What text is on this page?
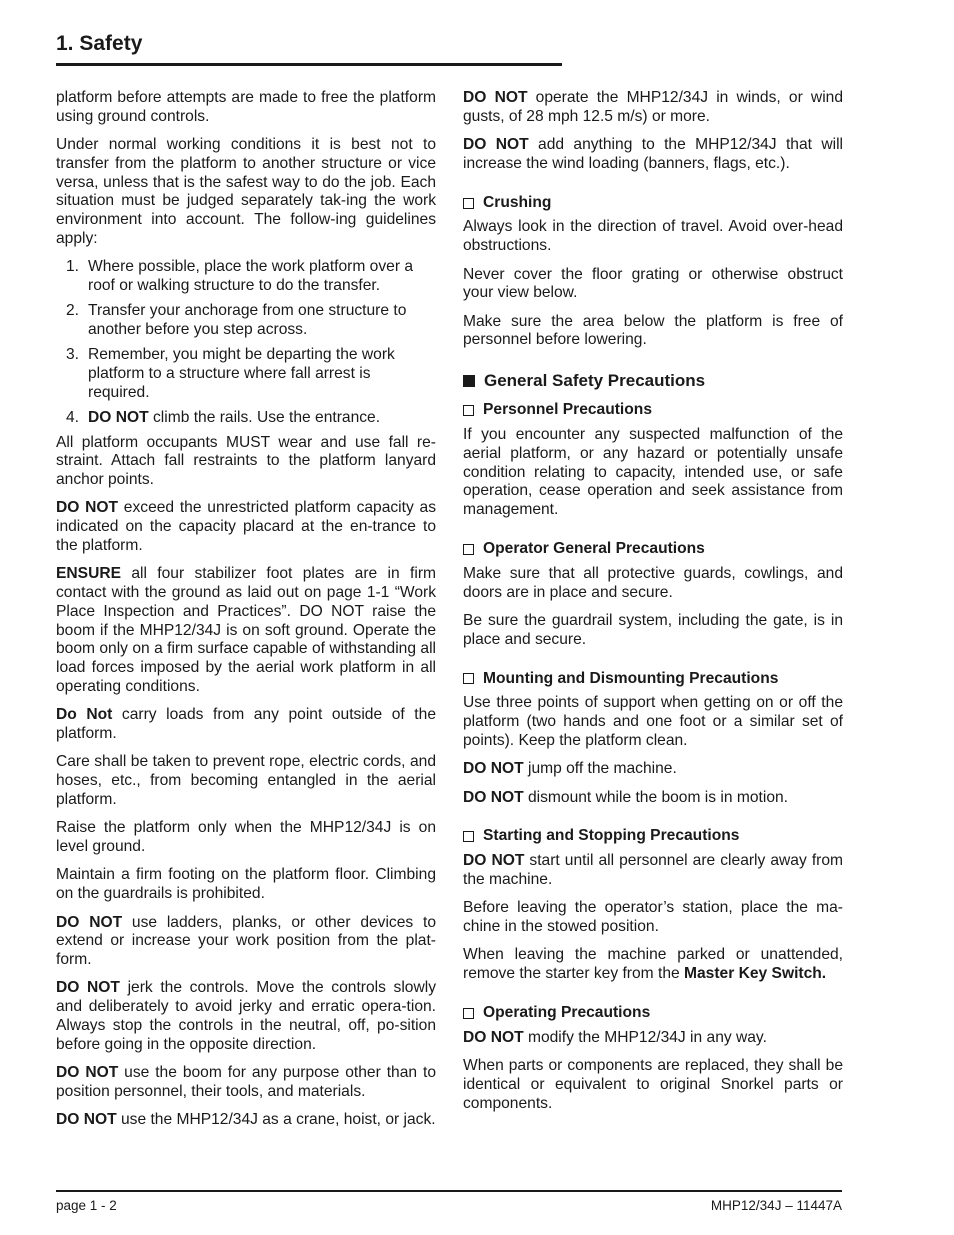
1. Safety

platform before attempts are made to free the platform using ground controls.

Under normal working conditions it is best not to transfer from the platform to another structure or vice versa, unless that is the safest way to do the job. Each situation must be judged separately tak-ing the work environment into account. The follow-ing guidelines apply:

1. Where possible, place the work platform over a roof or walking structure to do the transfer.
2. Transfer your anchorage from one structure to another before you step across.
3. Remember, you might be departing the work platform to a structure where fall arrest is required.
4. DO NOT climb the rails. Use the entrance.

All platform occupants MUST wear and use fall re-straint. Attach fall restraints to the platform lanyard anchor points.

DO NOT exceed the unrestricted platform capacity as indicated on the capacity placard at the en-trance to the platform.

ENSURE all four stabilizer foot plates are in firm contact with the ground as laid out on page 1-1 “Work Place Inspection and Practices”. DO NOT raise the boom if the MHP12/34J is on soft ground. Operate the boom only on a firm surface capable of withstanding all load forces imposed by the aerial work platform in all operating conditions.

Do Not carry loads from any point outside of the platform.

Care shall be taken to prevent rope, electric cords, and hoses, etc., from becoming entangled in the aerial platform.

Raise the platform only when the MHP12/34J is on level ground.

Maintain a firm footing on the platform floor. Climbing on the guardrails is prohibited.

DO NOT use ladders, planks, or other devices to extend or increase your work position from the plat-form.

DO NOT jerk the controls. Move the controls slowly and deliberately to avoid jerky and erratic opera-tion. Always stop the controls in the neutral, off, po-sition before going in the opposite direction.

DO NOT use the boom for any purpose other than to position personnel, their tools, and materials.

DO NOT use the MHP12/34J as a crane, hoist, or jack.

DO NOT operate the MHP12/34J in winds, or wind gusts, of 28 mph 12.5 m/s) or more.

DO NOT add anything to the MHP12/34J that will increase the wind loading (banners, flags, etc.).

Crushing

Always look in the direction of travel. Avoid over-head obstructions.

Never cover the floor grating or otherwise obstruct your view below.

Make sure the area below the platform is free of personnel before lowering.

General Safety Precautions
Personnel Precautions

If you encounter any suspected malfunction of the aerial platform, or any hazard or potentially unsafe condition relating to capacity, intended use, or safe operation, cease operation and seek assistance from management.

Operator General Precautions

Make sure that all protective guards, cowlings, and doors are in place and secure.

Be sure the guardrail system, including the gate, is in place and secure.

Mounting and Dismounting Precautions

Use three points of support when getting on or off the platform (two hands and one foot or a similar set of points). Keep the platform clean.

DO NOT jump off the machine.

DO NOT dismount while the boom is in motion.

Starting and Stopping Precautions

DO NOT start until all personnel are clearly away from the machine.

Before leaving the operator’s station, place the ma-chine in the stowed position.

When leaving the machine parked or unattended, remove the starter key from the Master Key Switch.

Operating Precautions

DO NOT modify the MHP12/34J in any way.

When parts or components are replaced, they shall be identical or equivalent to original Snorkel parts or components.

page 1 - 2	MHP12/34J – 11447A
